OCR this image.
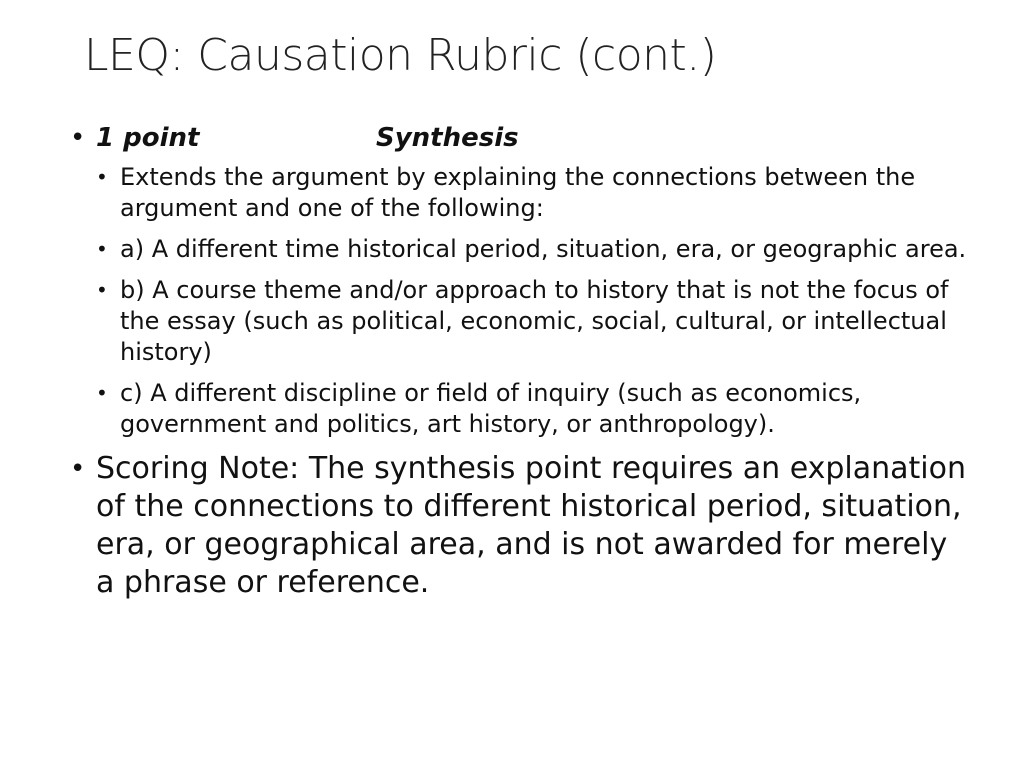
LEQ: Causation Rubric (cont.)
• 1 point	Synthesis
• Extends the argument by explaining the connections between the argument and one of the following:
• a) A different time historical period, situation, era, or geographic area.
• b) A course theme and/or approach to history that is not the focus of the essay (such as political, economic, social, cultural, or intellectual history)
• c) A different discipline or field of inquiry (such as economics, government and politics, art history, or anthropology).
• Scoring Note: The synthesis point requires an explanation of the connections to different historical period, situation, era, or geographical area, and is not awarded for merely a phrase or reference.
